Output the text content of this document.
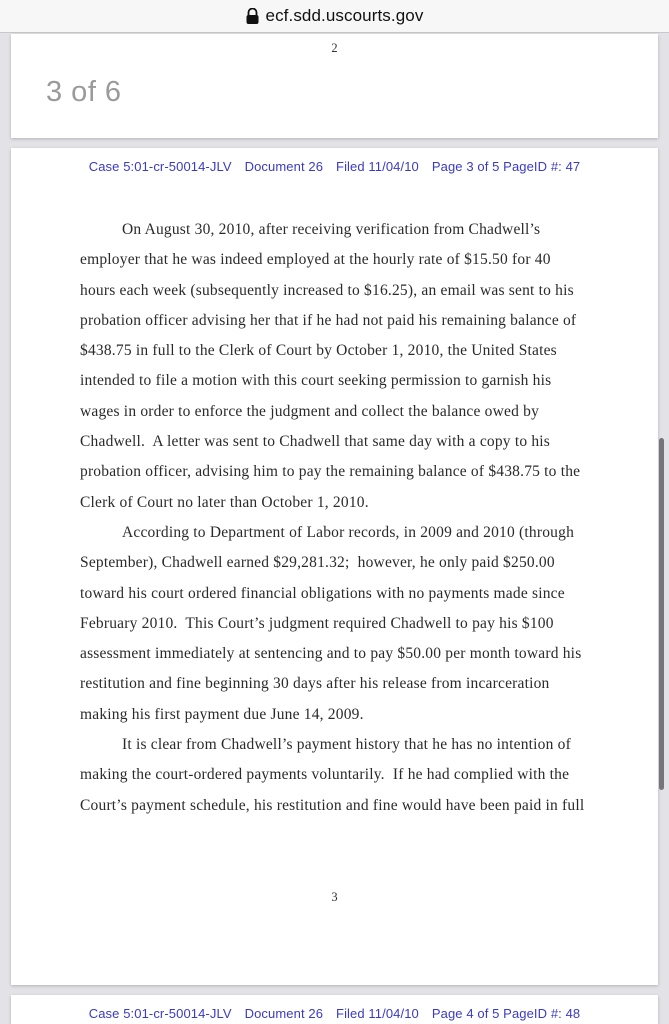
ecf.sdd.uscourts.gov
2
3 of 6
Case 5:01-cr-50014-JLV Document 26 Filed 11/04/10 Page 3 of 5 PageID #: 47
On August 30, 2010, after receiving verification from Chadwell’s
employer that he was indeed employed at the hourly rate of $15.50 for 40
hours each week (subsequently increased to $16.25), an email was sent to his
probation officer advising her that if he had not paid his remaining balance of
$438.75 in full to the Clerk of Court by October 1, 2010, the United States
intended to file a motion with this court seeking permission to garnish his
wages in order to enforce the judgment and collect the balance owed by
Chadwell.  A letter was sent to Chadwell that same day with a copy to his
probation officer, advising him to pay the remaining balance of $438.75 to the
Clerk of Court no later than October 1, 2010.
According to Department of Labor records, in 2009 and 2010 (through
September), Chadwell earned $29,281.32;  however, he only paid $250.00
toward his court ordered financial obligations with no payments made since
February 2010.  This Court’s judgment required Chadwell to pay his $100
assessment immediately at sentencing and to pay $50.00 per month toward his
restitution and fine beginning 30 days after his release from incarceration
making his first payment due June 14, 2009.
It is clear from Chadwell’s payment history that he has no intention of
making the court-ordered payments voluntarily.  If he had complied with the
Court’s payment schedule, his restitution and fine would have been paid in full
3
Case 5:01-cr-50014-JLV Document 26 Filed 11/04/10 Page 4 of 5 PageID #: 48
